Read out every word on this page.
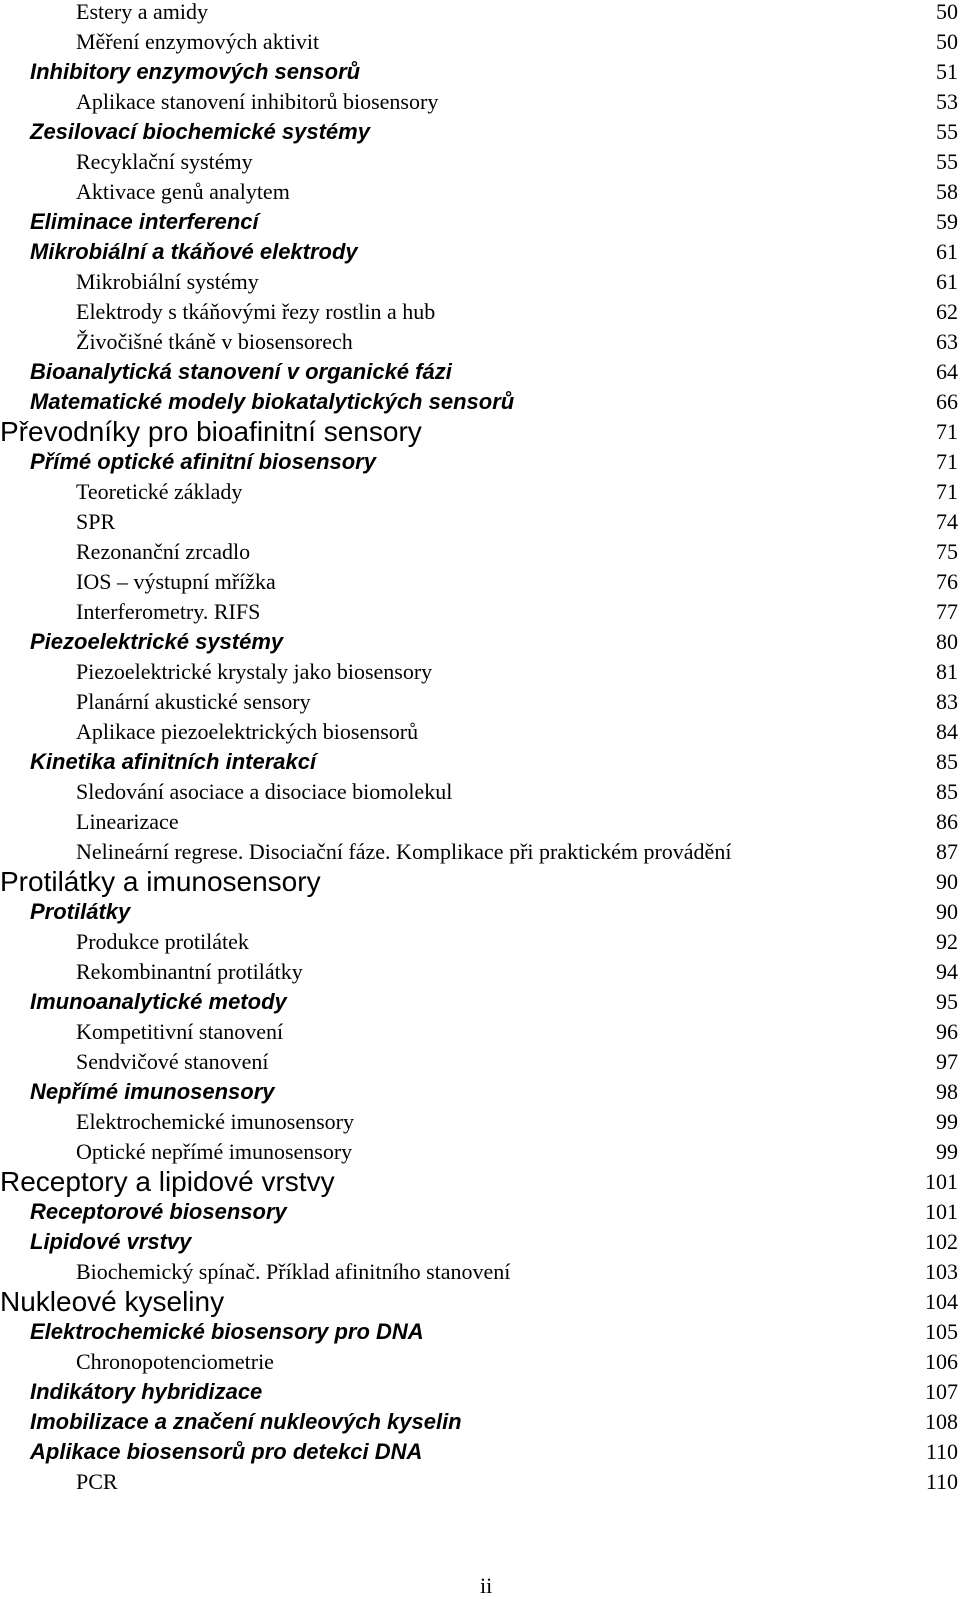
Estery a amidy	50
Měření enzymových aktivit	50
Inhibitory enzymových sensorů	51
Aplikace stanovení inhibitorů biosensory	53
Zesilovací biochemické systémy	55
Recyklační systémy	55
Aktivace genů analytem	58
Eliminace interferencí	59
Mikrobiální a tkáňové elektrody	61
Mikrobiální systémy	61
Elektrody s tkáňovými řezy rostlin a hub	62
Živočišné tkáně v biosensorech	63
Bioanalytická stanovení v organické fázi	64
Matematické modely biokatalytických sensorů	66
Převodníky pro bioafinitní sensory	71
Přímé optické afinitní biosensory	71
Teoretické základy	71
SPR	74
Rezonanční zrcadlo	75
IOS – výstupní mřížka	76
Interferometry. RIFS	77
Piezoelektrické systémy	80
Piezoelektrické krystaly jako biosensory	81
Planární akustické sensory	83
Aplikace piezoelektrických biosensorů	84
Kinetika afinitních interakcí	85
Sledování asociace a disociace biomolekul	85
Linearizace	86
Nelineární regrese. Disociační fáze. Komplikace při praktickém provádění	87
Protilátky a imunosensory	90
Protilátky	90
Produkce protilátek	92
Rekombinantní protilátky	94
Imunoanalytické metody	95
Kompetitivní stanovení	96
Sendvičové stanovení	97
Nepřímé imunosensory	98
Elektrochemické imunosensory	99
Optické nepřímé imunosensory	99
Receptory a lipidové vrstvy	101
Receptorové biosensory	101
Lipidové vrstvy	102
Biochemický spínač. Příklad afinitního stanovení	103
Nukleové kyseliny	104
Elektrochemické biosensory pro DNA	105
Chronopotenciometrie	106
Indikátory hybridizace	107
Imobilizace a značení nukleových kyselin	108
Aplikace biosensorů pro detekci DNA	110
PCR	110
ii
